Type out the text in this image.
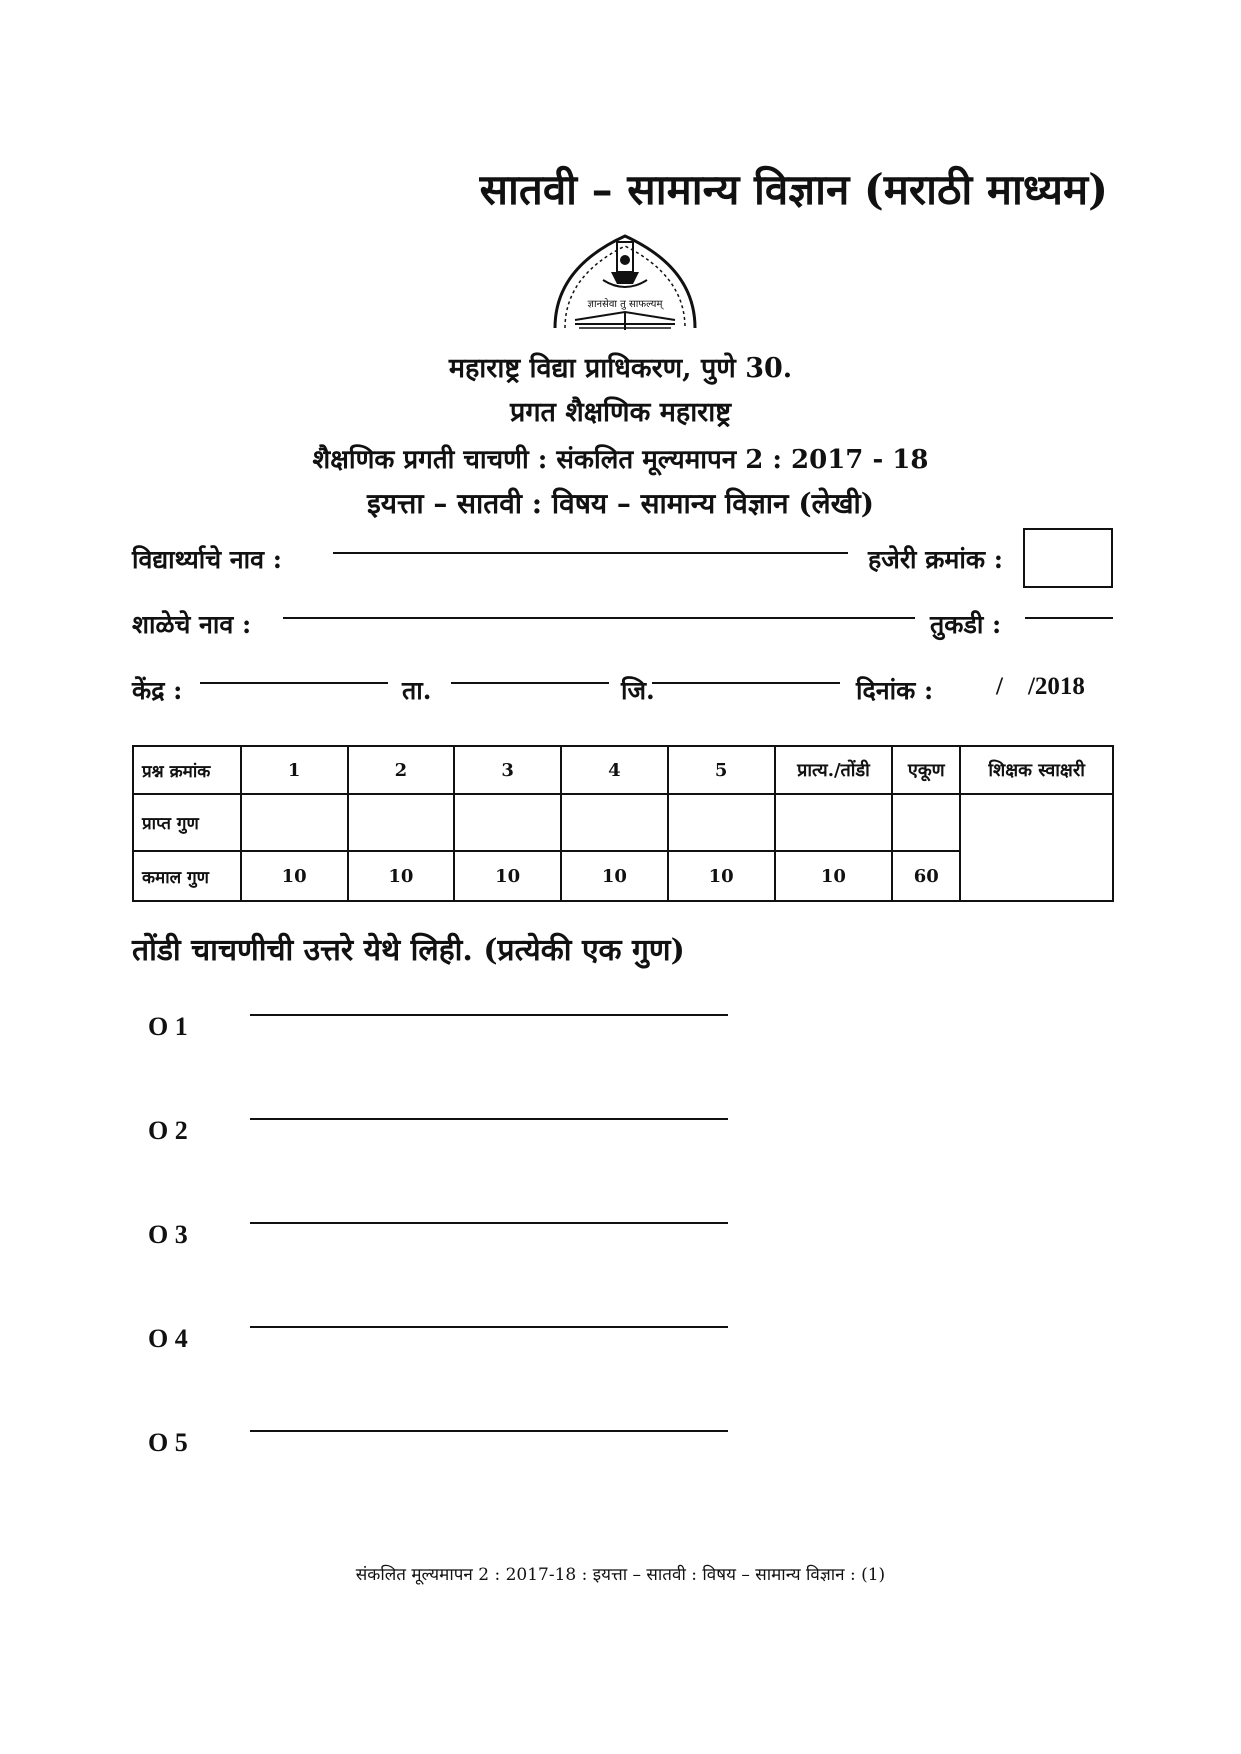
सातवी – सामान्य विज्ञान (मराठी माध्यम)
ज्ञानसेवा तु साफल्यम्
महाराष्ट्र विद्या प्राधिकरण, पुणे 30.
प्रगत शैक्षणिक महाराष्ट्र
शैक्षणिक प्रगती चाचणी : संकलित मूल्यमापन 2 : 2017 - 18
इयत्ता – सातवी : विषय – सामान्य विज्ञान (लेखी)
विद्यार्थ्याचे नाव :	हजेरी क्रमांक :
शाळेचे नाव :	तुकडी :
केंद्र :	ता.	जि.	दिनांक :	/    /2018
प्रश्न क्रमांक	1	2	3	4	5	प्रात्य./तोंडी	एकूण	शिक्षक स्वाक्षरी
प्राप्त गुण								
कमाल गुण	10	10	10	10	10	10	60	
तोंडी चाचणीची उत्तरे येथे लिही. (प्रत्येकी एक गुण)
O 1
O 2
O 3
O 4
O 5
संकलित मूल्यमापन 2 : 2017-18 : इयत्ता – सातवी : विषय – सामान्य विज्ञान : (1)
